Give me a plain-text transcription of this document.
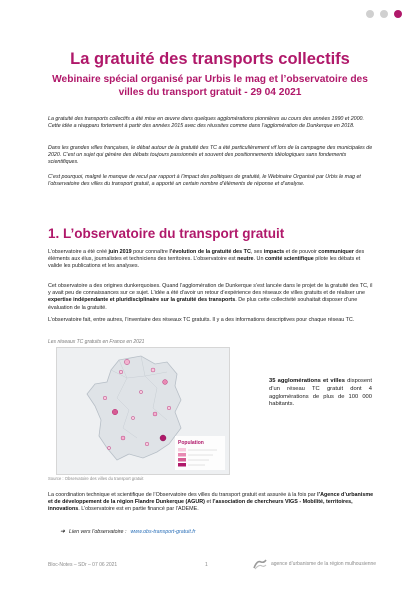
La gratuité des transports collectifs

Webinaire spécial organisé par Urbis le mag et l’observatoire des villes du transport gratuit - 29 04 2021

La gratuité des transports collectifs a été mise en œuvre dans quelques agglomérations pionnières au cours des années 1990 et 2000. Cette idée a réapparu fortement à partir des années 2015 avec des réussites comme dans l’agglomération de Dunkerque en 2018.

Dans les grandes villes françaises, le débat autour de la gratuité des TC a été particulièrement vif lors de la campagne des municipales de 2020. C’est un sujet qui génère des débats toujours passionnés et souvent des positionnements idéologiques sans fondements scientifiques.

C’est pourquoi, malgré le manque de recul par rapport à l’impact des politiques de gratuité, le Webinaire Organisé par Urbis le mag et l’observatoire des villes du transport gratuit, a apporté un certain nombre d’éléments de réponse et d’analyse.

1. L’observatoire du transport gratuit

L’observatoire a été créé juin 2019 pour connaître l’évolution de la gratuité des TC, ses impacts et de pouvoir communiquer des éléments aux élus, journalistes et techniciens des territoires. L’observatoire est neutre. Un comité scientifique pilote les débats et valide les publications et les analyses.

Cet observatoire a des origines dunkerquoises. Quand l’agglomération de Dunkerque s’est lancée dans le projet de la gratuité des TC, il y avait peu de connaissances sur ce sujet. L’idée a été d’avoir un retour d’expérience des réseaux de villes gratuits et de réaliser une expertise indépendante et pluridisciplinaire sur la gratuité des transports. De plus cette collectivité souhaitait disposer d’une évaluation de la gratuité.

L’observatoire fait, entre autres, l’inventaire des réseaux TC gratuits. Il y a des informations descriptives pour chaque réseau TC.

Les réseaux TC gratuits en France en 2021
Population
Source : Observatoire des villes du transport gratuit

35 agglomérations et villes disposent d’un réseau TC gratuit dont 4 agglomérations de plus de 100 000 habitants.

La coordination technique et scientifique de l’Observatoire des villes du transport gratuit est assurée à la fois par l’Agence d’urbanisme et de développement de la région Flandre Dunkerque (AGUR) et l’association de chercheurs VIGS - Mobilité, territoires, innovations. L’observatoire est en partie financé par l’ADEME.

➜ Lien vers l’observatoire : www.obs-transport-gratuit.fr
Bloc-Notes – SDr – 07 06 2021	1	agence d’urbanisme de la région mulhousienne
